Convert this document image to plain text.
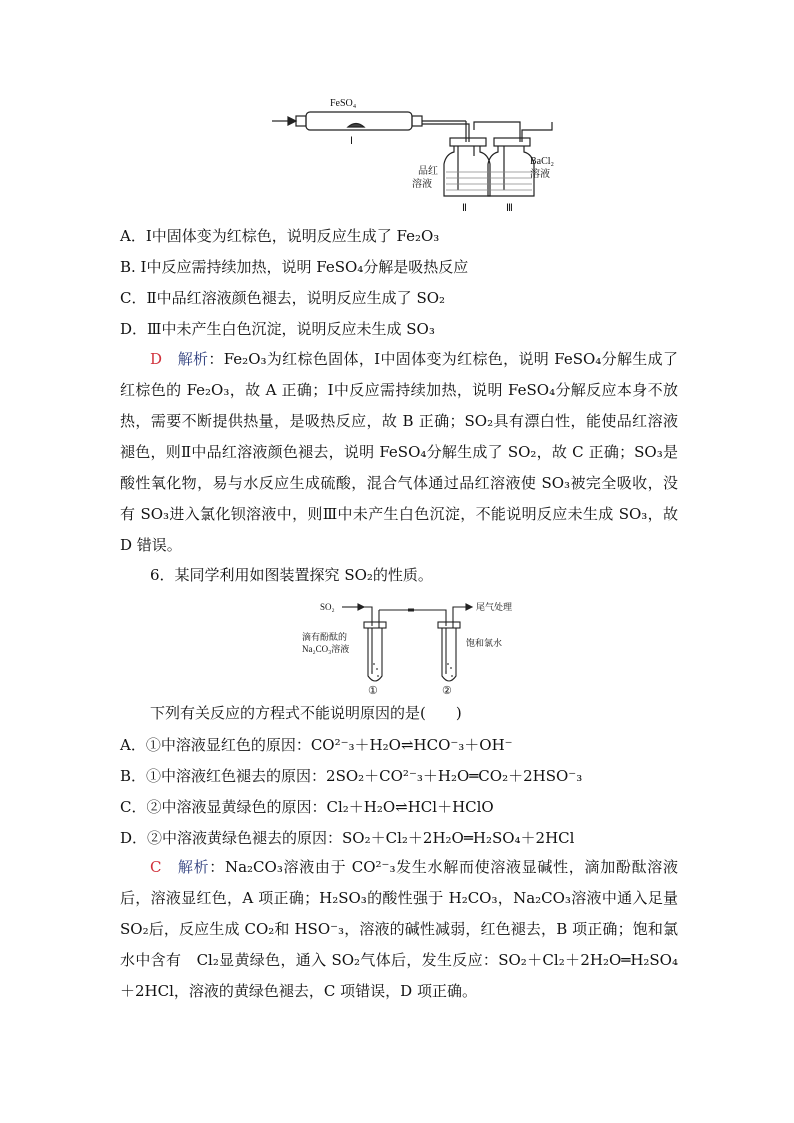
FeSO₄
Ⅰ
品红
溶液
BaCl₂
溶液
Ⅱ	Ⅲ
A．Ⅰ中固体变为红棕色，说明反应生成了 Fe₂O₃
B. Ⅰ中反应需持续加热，说明 FeSO₄分解是吸热反应
C．Ⅱ中品红溶液颜色褪去，说明反应生成了 SO₂
D．Ⅲ中未产生白色沉淀，说明反应未生成 SO₃
D　 解析：Fe₂O₃为红棕色固体，Ⅰ中固体变为红棕色，说明 FeSO₄分解生成了红棕色的 Fe₂O₃，故 A 正确；Ⅰ中反应需持续加热，说明 FeSO₄分解反应本身不放热，需要不断提供热量，是吸热反应，故 B 正确；SO₂具有漂白性，能使品红溶液褪色，则Ⅱ中品红溶液颜色褪去，说明 FeSO₄分解生成了 SO₂，故 C 正确；SO₃是酸性氧化物，易与水反应生成硫酸，混合气体通过品红溶液使 SO₃被完全吸收，没有 SO₃进入氯化钡溶液中，则Ⅲ中未产生白色沉淀，不能说明反应未生成 SO₃，故 D 错误。
6．某同学利用如图装置探究 SO₂的性质。
SO₂	尾气处理
滴有酚酞的
Na₂CO₃溶液
饱和氯水
①	②
下列有关反应的方程式不能说明原因的是(　　)
A．①中溶液显红色的原因：CO²⁻₃＋H₂O⇌HCO⁻₃＋OH⁻
B．①中溶液红色褪去的原因：2SO₂＋CO²⁻₃＋H₂O═CO₂＋2HSO⁻₃
C．②中溶液显黄绿色的原因：Cl₂＋H₂O⇌HCl＋HClO
D．②中溶液黄绿色褪去的原因：SO₂＋Cl₂＋2H₂O═H₂SO₄＋2HCl
C　 解析：Na₂CO₃溶液由于 CO²⁻₃发生水解而使溶液显碱性，滴加酚酞溶液后，溶液显红色，A 项正确；H₂SO₃的酸性强于 H₂CO₃，Na₂CO₃溶液中通入足量 SO₂后，反应生成 CO₂和 HSO⁻₃，溶液的碱性减弱，红色褪去，B 项正确；饱和氯水中含有　Cl₂显黄绿色，通入 SO₂气体后，发生反应：SO₂＋Cl₂＋2H₂O═H₂SO₄＋2HCl，溶液的黄绿色褪去，C 项错误，D 项正确。
